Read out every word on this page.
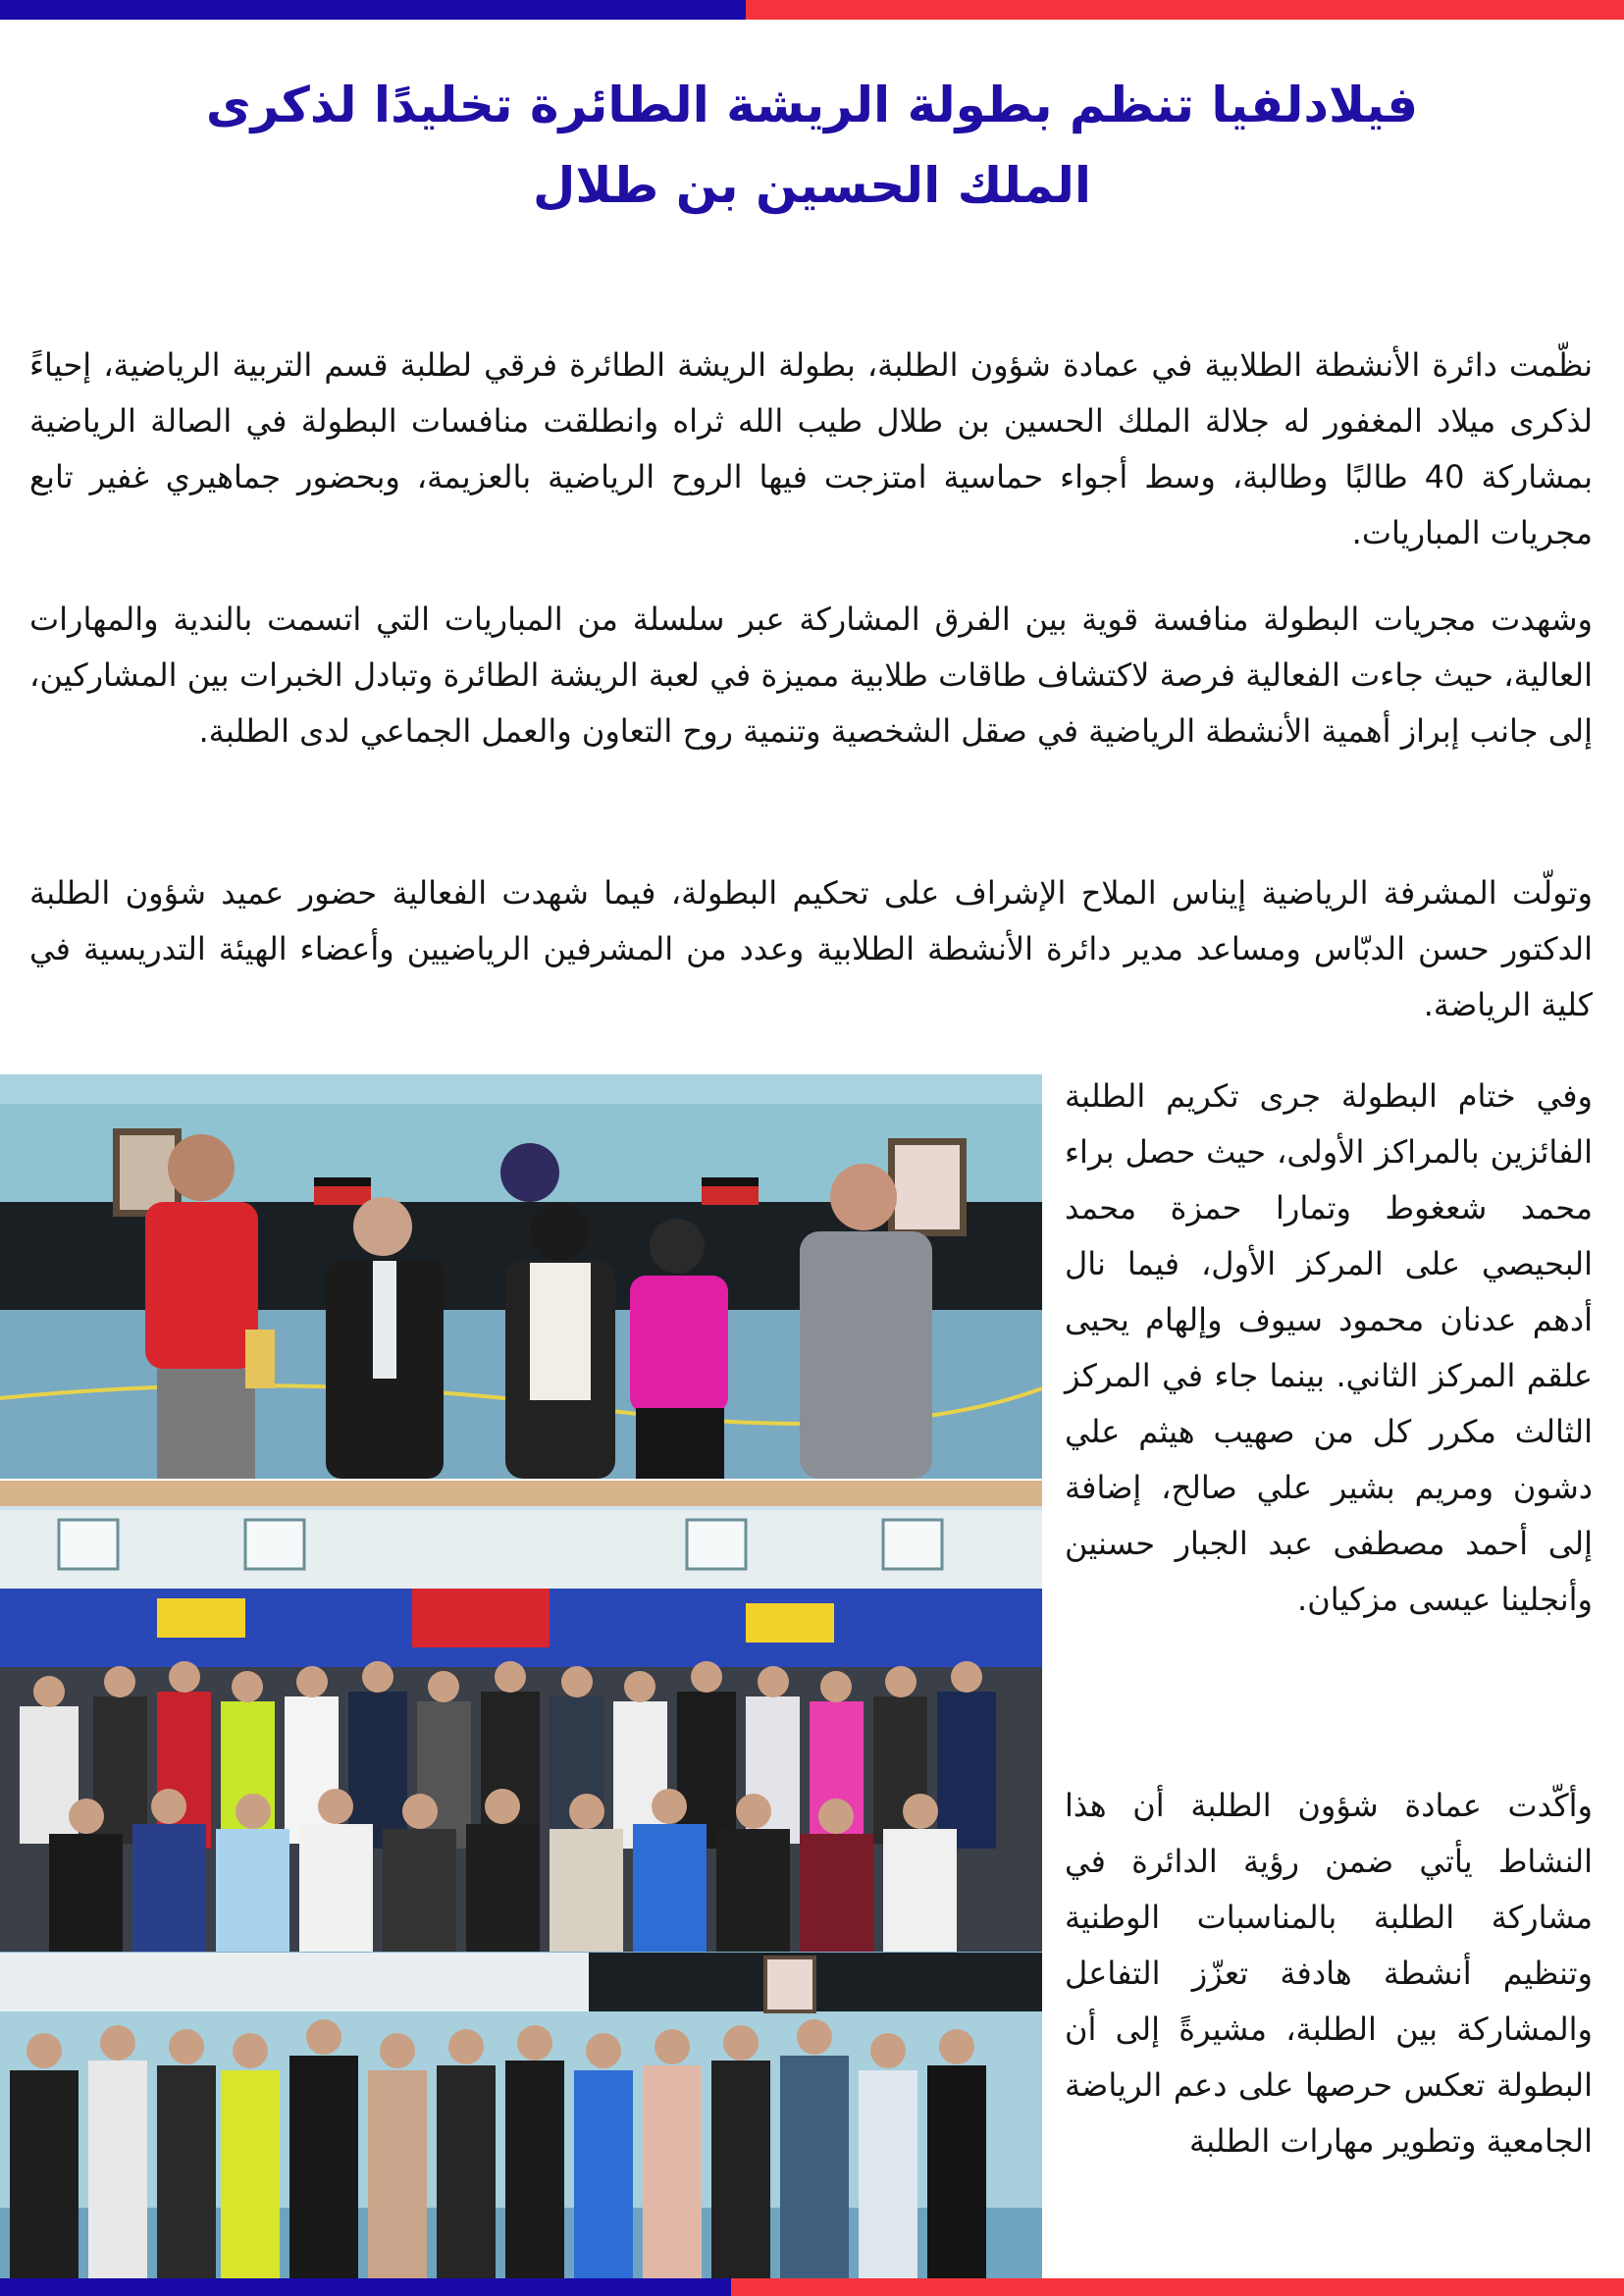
فيلادلفيا تنظم بطولة الريشة الطائرة تخليدًا لذكرى
الملك الحسين بن طلال

نظّمت دائرة الأنشطة الطلابية في عمادة شؤون الطلبة، بطولة الريشة الطائرة فرقي لطلبة قسم التربية الرياضية، إحياءً لذكرى ميلاد المغفور له جلالة الملك الحسين بن طلال طيب الله ثراه وانطلقت منافسات البطولة في الصالة الرياضية بمشاركة 40 طالبًا وطالبة، وسط أجواء حماسية امتزجت فيها الروح الرياضية بالعزيمة، وبحضور جماهيري غفير تابع مجريات المباريات.

وشهدت مجريات البطولة منافسة قوية بين الفرق المشاركة عبر سلسلة من المباريات التي اتسمت بالندية والمهارات العالية، حيث جاءت الفعالية فرصة لاكتشاف طاقات طلابية مميزة في لعبة الريشة الطائرة وتبادل الخبرات بين المشاركين، إلى جانب إبراز أهمية الأنشطة الرياضية في صقل الشخصية وتنمية روح التعاون والعمل الجماعي لدى الطلبة.

وتولّت المشرفة الرياضية إيناس الملاح الإشراف على تحكيم البطولة، فيما شهدت الفعالية حضور عميد شؤون الطلبة الدكتور حسن الدبّاس ومساعد مدير دائرة الأنشطة الطلابية وعدد من المشرفين الرياضيين وأعضاء الهيئة التدريسية في كلية الرياضة.

وفي ختام البطولة جرى تكريم الطلبة الفائزين بالمراكز الأولى، حيث حصل براء محمد شعغوط وتمارا حمزة محمد البحيصي على المركز الأول، فيما نال أدهم عدنان محمود سيوف وإلهام يحيى علقم المركز الثاني. بينما جاء في المركز الثالث مكرر كل من صهيب هيثم علي دشون ومريم بشير علي صالح، إضافة إلى أحمد مصطفى عبد الجبار حسنين وأنجلينا عيسى مزكيان.

وأكّدت عمادة شؤون الطلبة أن هذا النشاط يأتي ضمن رؤية الدائرة في مشاركة الطلبة بالمناسبات الوطنية وتنظيم أنشطة هادفة تعزّز التفاعل والمشاركة بين الطلبة، مشيرةً إلى أن البطولة تعكس حرصها على دعم الرياضة الجامعية وتطوير مهارات الطلبة
